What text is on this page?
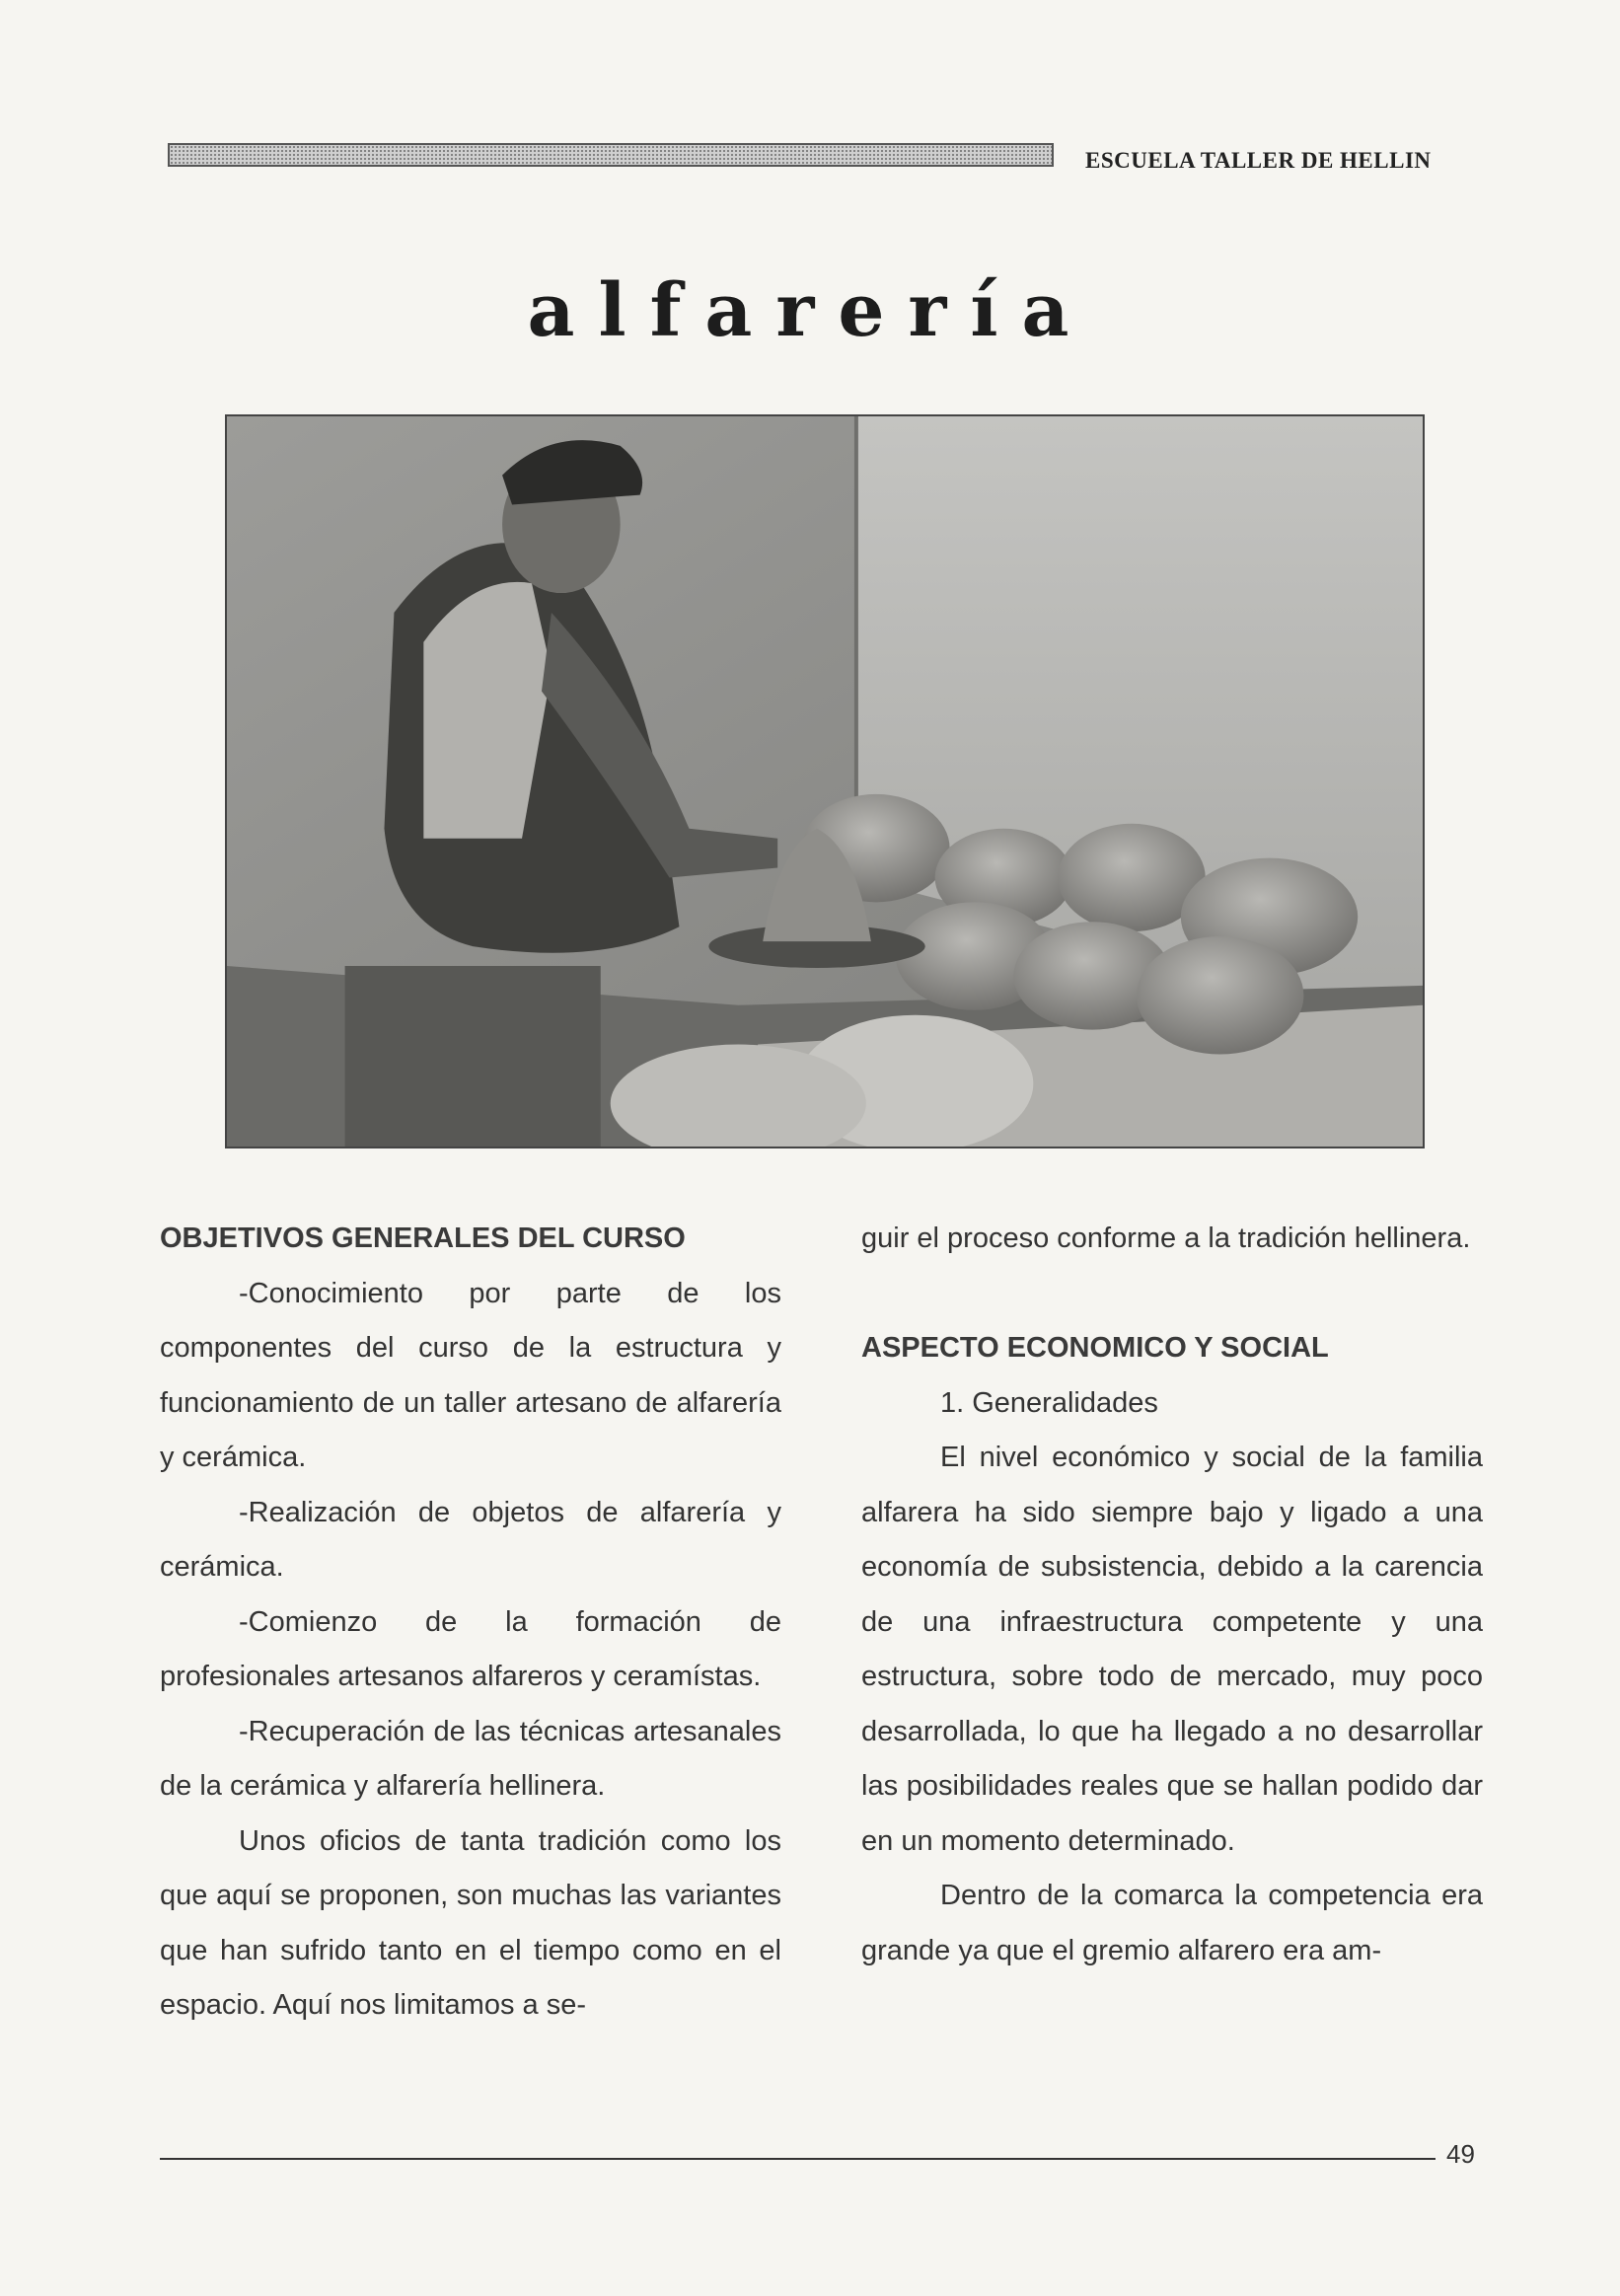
ESCUELA TALLER DE HELLIN
alfarería
OBJETIVOS GENERALES DEL CURSO

-Conocimiento por parte de los componentes del curso de la estructura y funcionamiento de un taller artesano de alfarería y cerámica.

-Realización de objetos de alfarería y cerámica.

-Comienzo de la formación de profesionales artesanos alfareros y ceramístas.

-Recuperación de las técnicas artesanales de la cerámica y alfarería hellinera.

Unos oficios de tanta tradición como los que aquí se proponen, son muchas las variantes que han sufrido tanto en el tiempo como en el espacio. Aquí nos limitamos a se-

guir el proceso conforme a la tradición hellinera.

ASPECTO ECONOMICO Y SOCIAL

1. Generalidades

El nivel económico y social de la familia alfarera ha sido siempre bajo y ligado a una economía de subsistencia, debido a la carencia de una infraestructura competente y una estructura, sobre todo de mercado, muy poco desarrollada, lo que ha llegado a no desarrollar las posibilidades reales que se hallan podido dar en un momento determinado.

Dentro de la comarca la competencia era grande ya que el gremio alfarero era am-

49
